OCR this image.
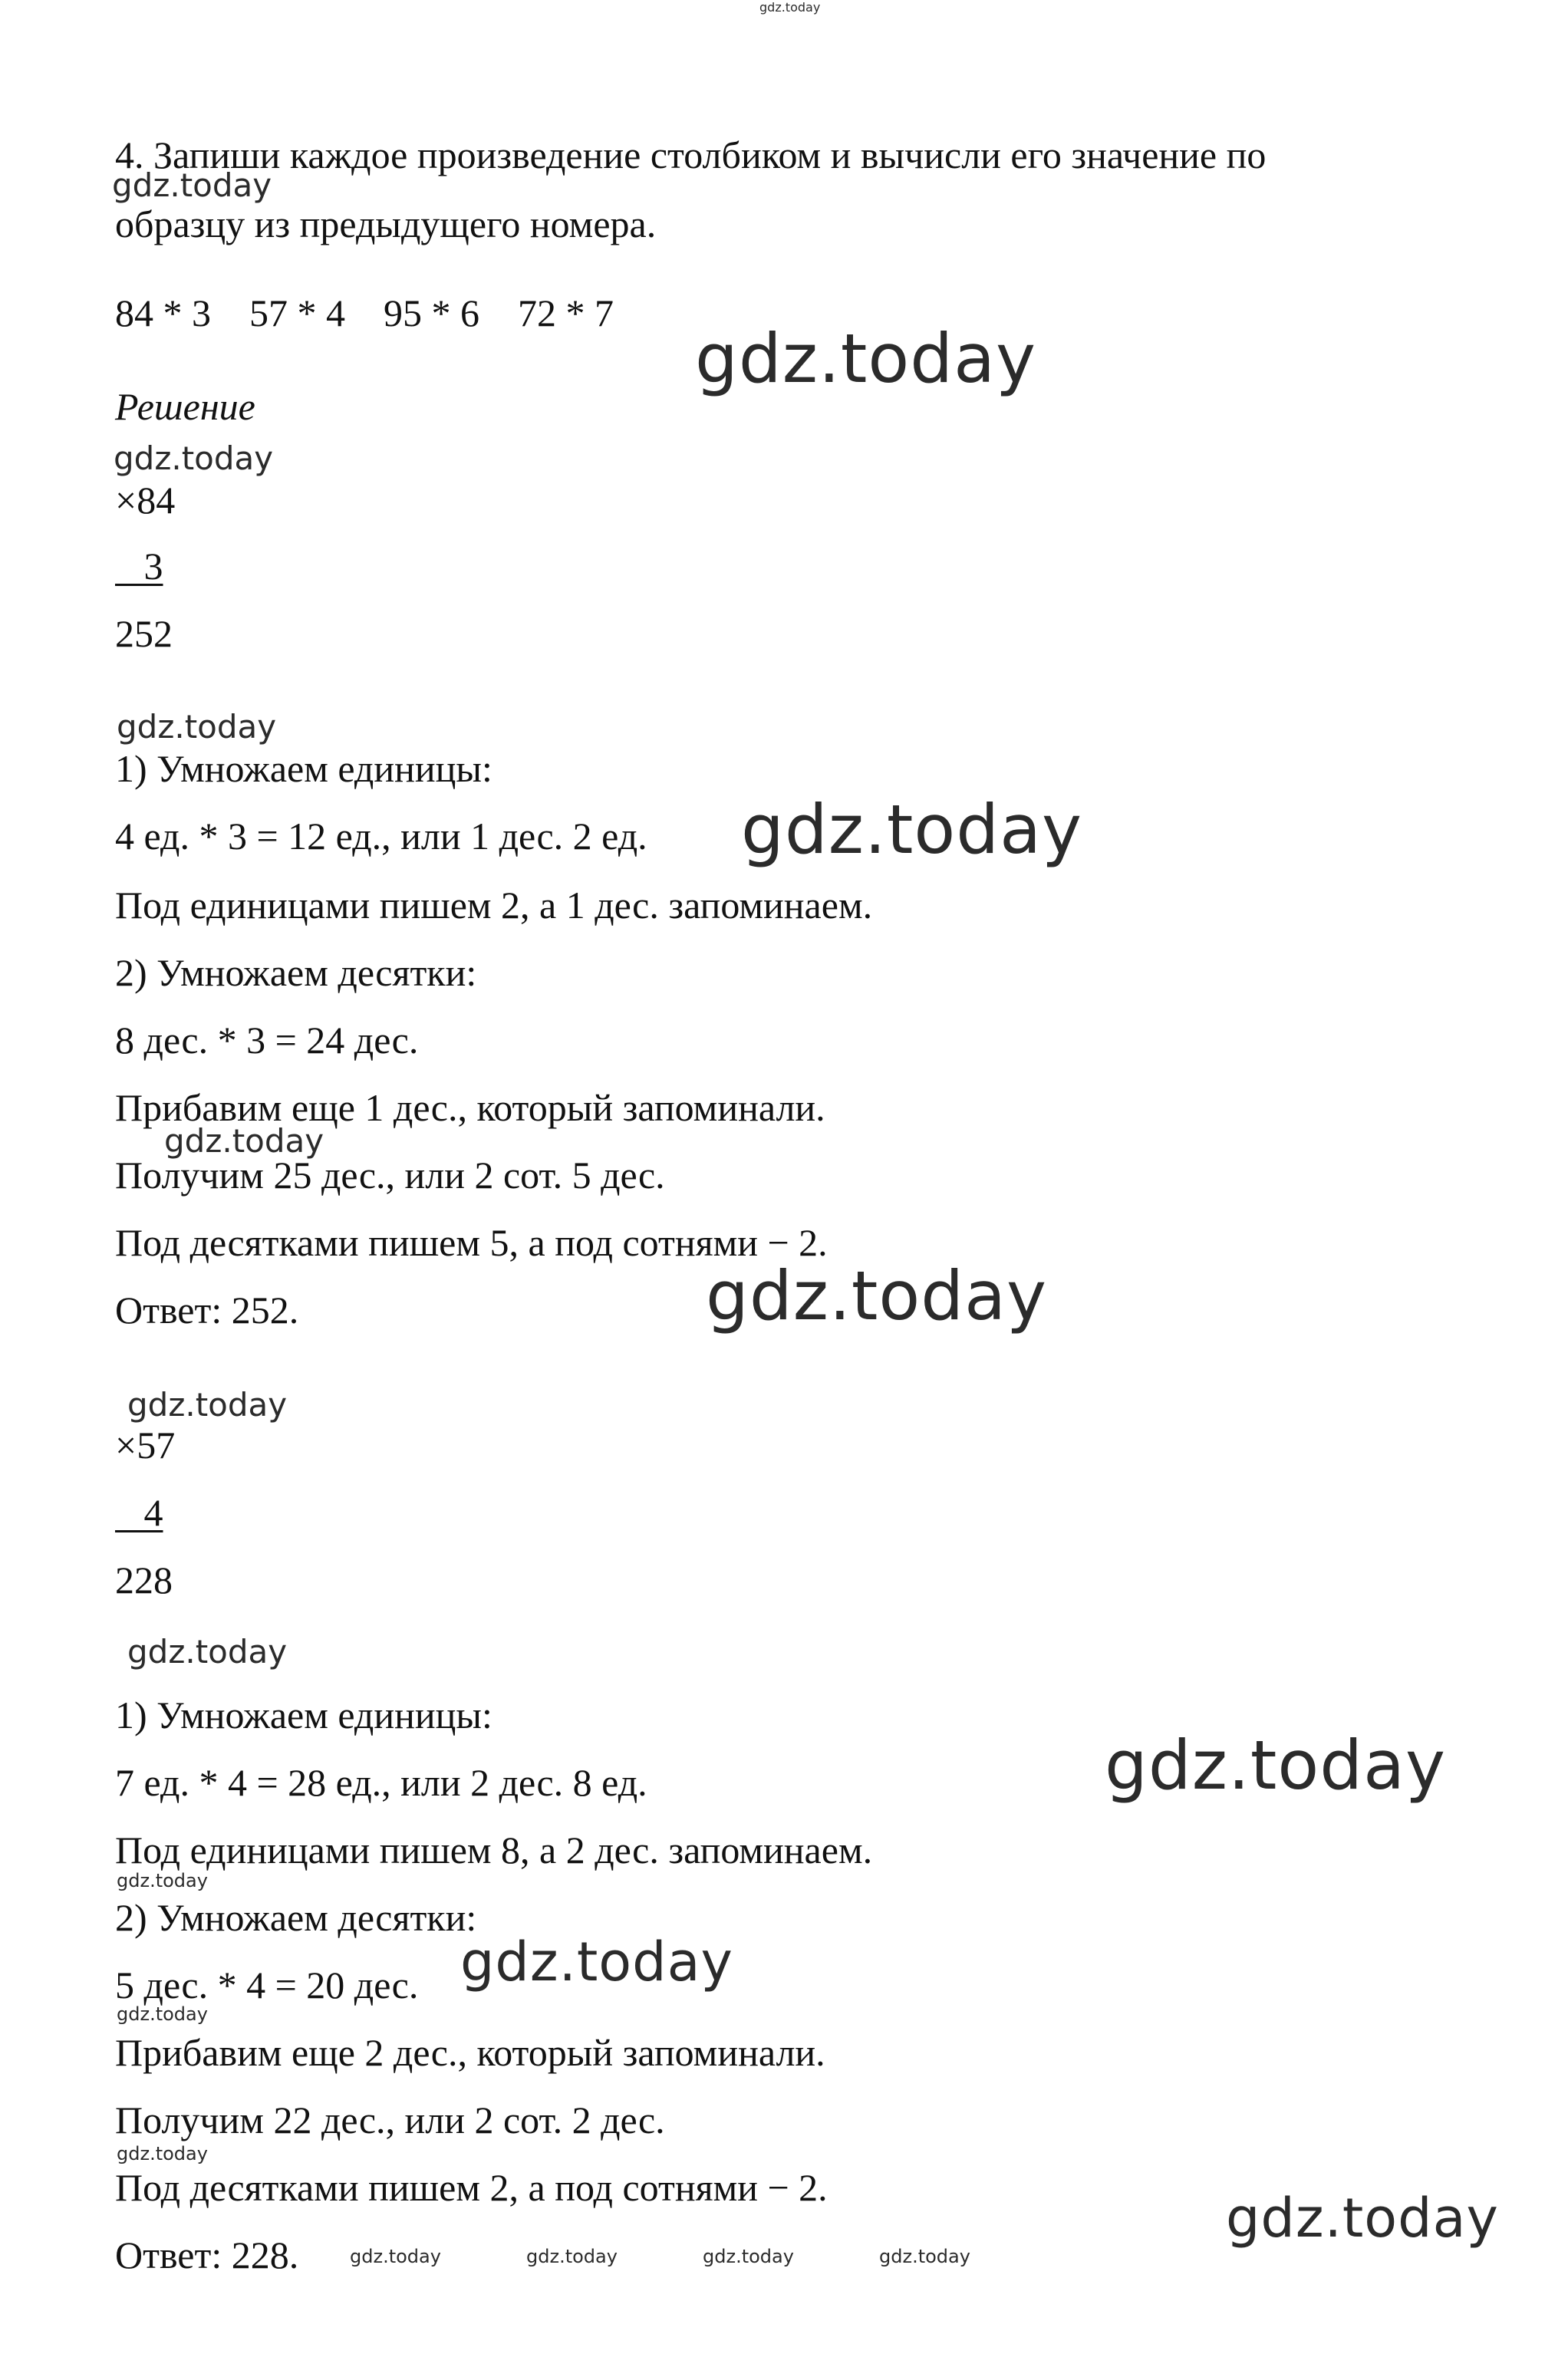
4. Запиши каждое произведение столбиком и вычисли его значение по

образцу из предыдущего номера.

84 * 3    57 * 4    95 * 6    72 * 7

Решение

×84

3

252

1) Умножаем единицы:

4 ед. * 3 = 12 ед., или 1 дес. 2 ед.

Под единицами пишем 2, а 1 дес. запоминаем.

2) Умножаем десятки:

8 дес. * 3 = 24 дес.

Прибавим еще 1 дес., который запоминали.

Получим 25 дес., или 2 сот. 5 дес.

Под десятками пишем 5, а под сотнями − 2.

Ответ: 252.

×57

4

228

1) Умножаем единицы:

7 ед. * 4 = 28 ед., или 2 дес. 8 ед.

Под единицами пишем 8, а 2 дес. запоминаем.

2) Умножаем десятки:

5 дес. * 4 = 20 дес.

Прибавим еще 2 дес., который запоминали.

Получим 22 дес., или 2 сот. 2 дес.

Под десятками пишем 2, а под сотнями − 2.

Ответ: 228.

gdz.today
gdz.today
gdz.today
gdz.today
gdz.today
gdz.today
gdz.today
gdz.today
gdz.today
gdz.today
gdz.today
gdz.today
gdz.today
gdz.today
gdz.today
gdz.today
gdz.today	gdz.today	gdz.today	gdz.today
